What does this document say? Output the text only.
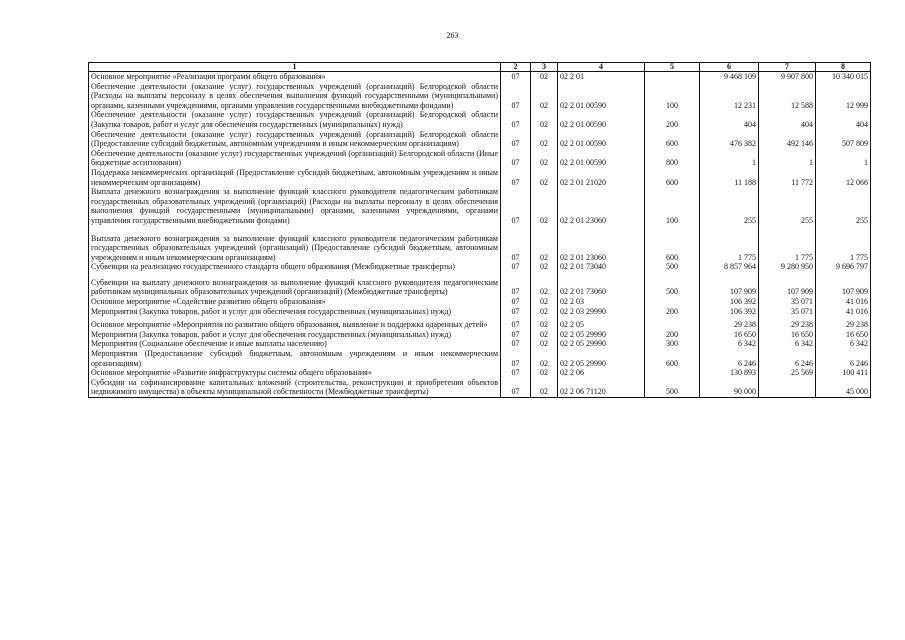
263
1	2	3	4	5	6	7	8
Основное мероприятие «Реализация программ общего образования»	07	02	02 2 01		9 468 109	9 907 800	10 340 015
Обеспечение деятельности (оказание услуг) государственных учреждений (организаций) Белгородской области (Расходы на выплаты персоналу в целях обеспечения выполнения функций государственными (муниципальными) органами, казенными учреждениями, органами управления государственными внебюджетными фондами)	07	02	02 2 01 00590	100	12 231	12 588	12 999
Обеспечение деятельности (оказание услуг) государственных учреждений (организаций) Белгородской области (Закупка товаров, работ и услуг для обеспечения государственных (муниципальных) нужд)	07	02	02 2 01 00590	200	404	404	404
Обеспечение деятельности (оказание услуг) государственных учреждений (организаций) Белгородской области (Предоставление субсидий бюджетным, автономным учреждениям и иным некоммерческим организациям)	07	02	02 2 01 00590	600	476 382	492 146	507 809
Обеспечение деятельности (оказание услуг) государственных учреждений (организаций) Белгородской области (Иные бюджетные ассигнования)	07	02	02 2 01 00590	800	1	1	1
Поддержка некоммерческих организаций (Предоставление субсидий бюджетным, автономным учреждениям и иным некоммерческим организациям)	07	02	02 2 01 21020	600	11 188	11 772	12 066
Выплата денежного вознаграждения за выполнение функций классного руководителя педагогическим работникам государственных образовательных учреждений (организаций) (Расходы на выплаты персоналу в целях обеспечения выполнения функций государственными (муниципальными) органами, казенными учреждениями, органами управления государственными внебюджетными фондами)	07	02	02 2 01 23060	100	255	255	255
Выплата денежного вознаграждения за выполнение функций классного руководителя педагогическим работникам государственных образовательных учреждений (организаций) (Предоставление субсидий бюджетным, автономным учреждениям и иным некоммерческим организациям)	07	02	02 2 01 23060	600	1 775	1 775	1 775
Субвенции на реализацию государственного стандарта общего образования (Межбюджетные трансферты)	07	02	02 2 01 73040	500	8 857 964	9 280 950	9 696 797
Субвенции на выплату денежного вознаграждения за выполнение функций классного руководителя педагогическим работникам муниципальных образовательных учреждений (организаций) (Межбюджетные трансферты)	07	02	02 2 01 73060	500	107 909	107 909	107 909
Основное мероприятие «Содействие развитию общего образования»	07	02	02 2 03		106 392	35 071	41 016
Мероприятия (Закупка товаров, работ и услуг для обеспечения государственных (муниципальных) нужд)	07	02	02 2 03 29990	200	106 392	35 071	41 016
Основное мероприятие «Мероприятия по развитию общего образования, выявление и поддержка одаренных детей»	07	02	02 2 05		29 238	29 238	29 238
Мероприятия (Закупка товаров, работ и услуг для обеспечения государственных (муниципальных) нужд)	07	02	02 2 05 29990	200	16 650	16 650	16 650
Мероприятия (Социальное обеспечение и иные выплаты населению)	07	02	02 2 05 29990	300	6 342	6 342	6 342
Мероприятия (Предоставление субсидий бюджетным, автономным учреждениям и иным некоммерческим организациям)	07	02	02 2 05 29990	600	6 246	6 246	6 246
Основное мероприятие «Развитие инфраструктуры системы общего образования»	07	02	02 2 06		130 893	25 569	100 411
Субсидии на софинансирование капитальных вложений (строительства, реконструкции и приобретения объектов недвижимого имущества) в объекты муниципальной собственности (Межбюджетные трансферты)	07	02	02 2 06 71120	500	90 000		45 000
